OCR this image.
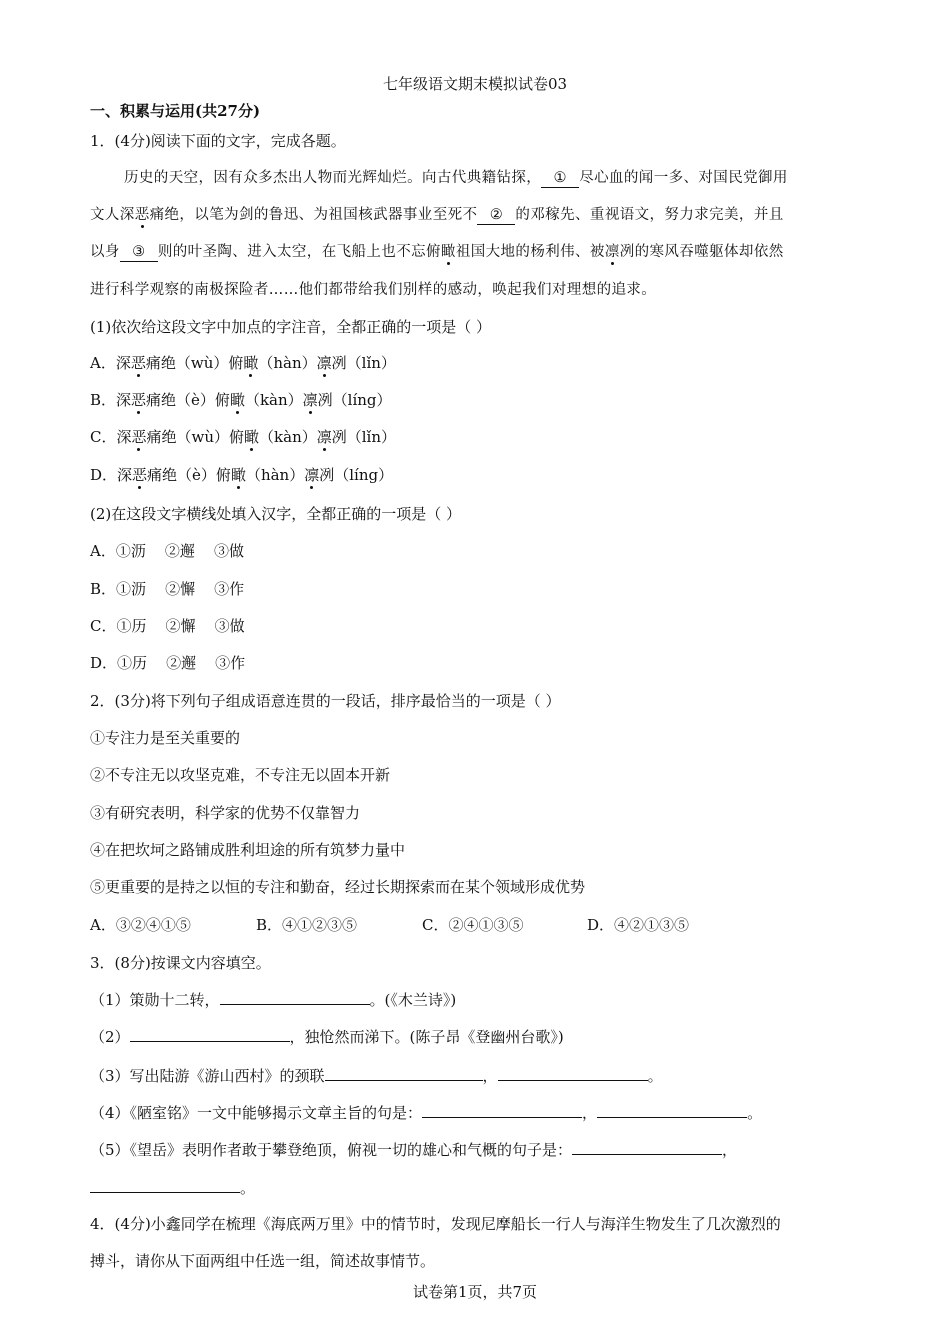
七年级语文期末模拟试卷03
一、积累与运用(共27分)
1．(4分)阅读下面的文字，完成各题。
历史的天空，因有众多杰出人物而光辉灿烂。向古代典籍钻探， ① 尽心血的闻一多、对国民党御用
文人深恶痛绝，以笔为剑的鲁迅、为祖国核武器事业至死不 ② 的邓稼先、重视语文，努力求完美，并且
以身 ③ 则的叶圣陶、进入太空，在飞船上也不忘俯瞰祖国大地的杨利伟、被凛冽的寒风吞噬躯体却依然
进行科学观察的南极探险者……他们都带给我们别样的感动，唤起我们对理想的追求。
(1)依次给这段文字中加点的字注音，全都正确的一项是（ ）
A．深恶痛绝（wù）俯瞰（hàn）凛冽（lǐn）
B．深恶痛绝（è）俯瞰（kàn）凛冽（líng）
C．深恶痛绝（wù）俯瞰（kàn）凛冽（lǐn）
D．深恶痛绝（è）俯瞰（hàn）凛冽（líng）
(2)在这段文字横线处填入汉字，全都正确的一项是（ ）
A．①沥    ②邂    ③做
B．①沥    ②懈    ③作
C．①历    ②懈    ③做
D．①历    ②邂    ③作
2．(3分)将下列句子组成语意连贯的一段话，排序最恰当的一项是（ ）
①专注力是至关重要的
②不专注无以攻坚克难，不专注无以固本开新
③有研究表明，科学家的优势不仅靠智力
④在把坎坷之路铺成胜利坦途的所有筑梦力量中
⑤更重要的是持之以恒的专注和勤奋，经过长期探索而在某个领域形成优势
A．③②④①⑤	B．④①②③⑤	C．②④①③⑤	D．④②①③⑤
3．(8分)按课文内容填空。
（1）策勋十二转，	。(《木兰诗》)
（2）	，独怆然而涕下。(陈子昂《登幽州台歌》)
（3）写出陆游《游山西村》的颈联	，	。
（4）《陋室铭》一文中能够揭示文章主旨的句是：	，	。
（5）《望岳》表明作者敢于攀登绝顶，俯视一切的雄心和气概的句子是：	，
。
4．(4分)小鑫同学在梳理《海底两万里》中的情节时，发现尼摩船长一行人与海洋生物发生了几次激烈的
搏斗，请你从下面两组中任选一组，简述故事情节。
试卷第1页，共7页
